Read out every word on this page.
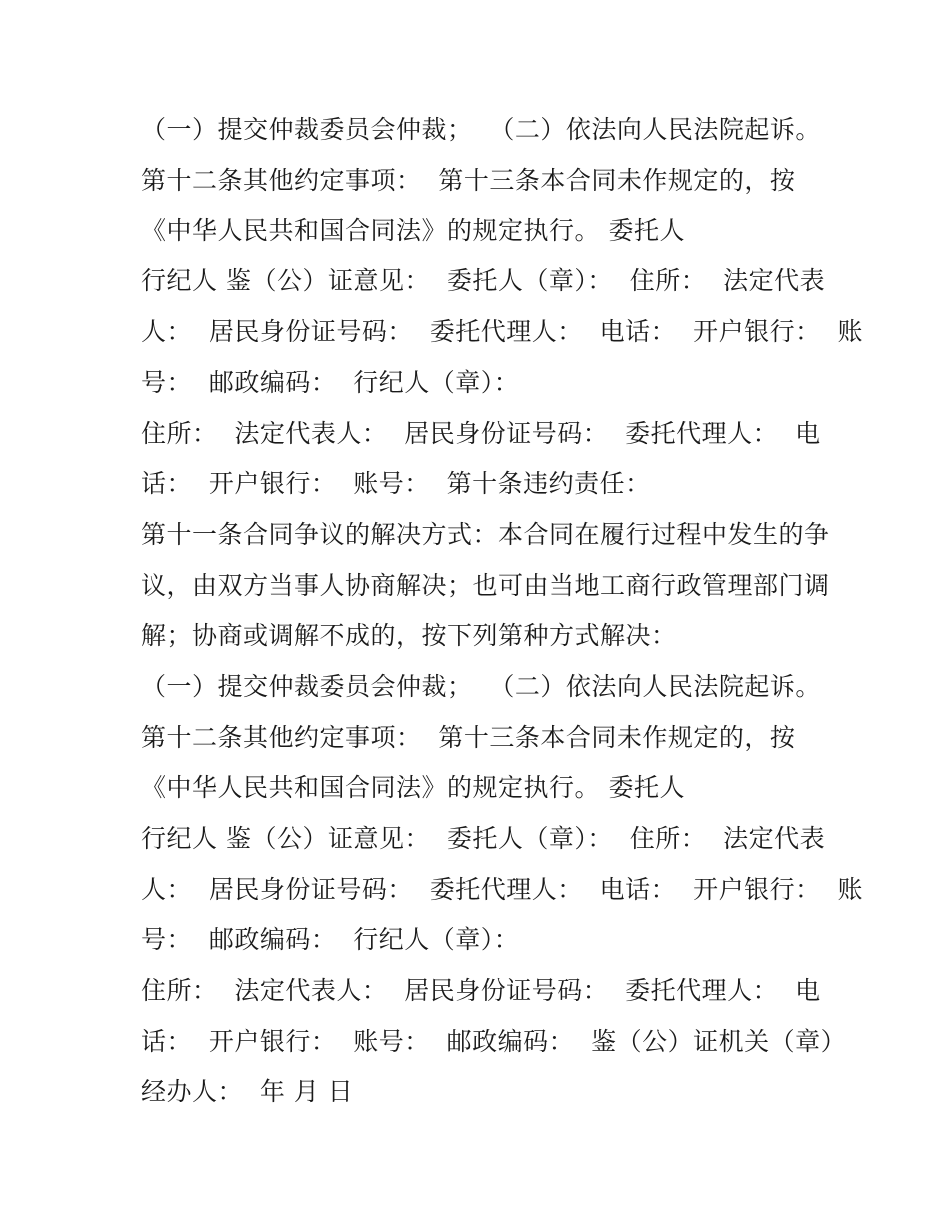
（一）提交仲裁委员会仲裁；  （二）依法向人民法院起诉。
第十二条其他约定事项：  第十三条本合同未作规定的，按
《中华人民共和国合同法》的规定执行。 委托人
行纪人 鉴（公）证意见：  委托人（章）：  住所：  法定代表
人：  居民身份证号码：  委托代理人：  电话：  开户银行：  账
号：  邮政编码：  行纪人（章）：
住所：  法定代表人：  居民身份证号码：  委托代理人：  电
话：  开户银行：  账号：  第十条违约责任：
第十一条合同争议的解决方式：本合同在履行过程中发生的争
议，由双方当事人协商解决；也可由当地工商行政管理部门调
解；协商或调解不成的，按下列第种方式解决：
（一）提交仲裁委员会仲裁；  （二）依法向人民法院起诉。
第十二条其他约定事项：  第十三条本合同未作规定的，按
《中华人民共和国合同法》的规定执行。 委托人
行纪人 鉴（公）证意见：  委托人（章）：  住所：  法定代表
人：  居民身份证号码：  委托代理人：  电话：  开户银行：  账
号：  邮政编码：  行纪人（章）：
住所：  法定代表人：  居民身份证号码：  委托代理人：  电
话：  开户银行：  账号：  邮政编码：  鉴（公）证机关（章）
经办人：  年 月 日
